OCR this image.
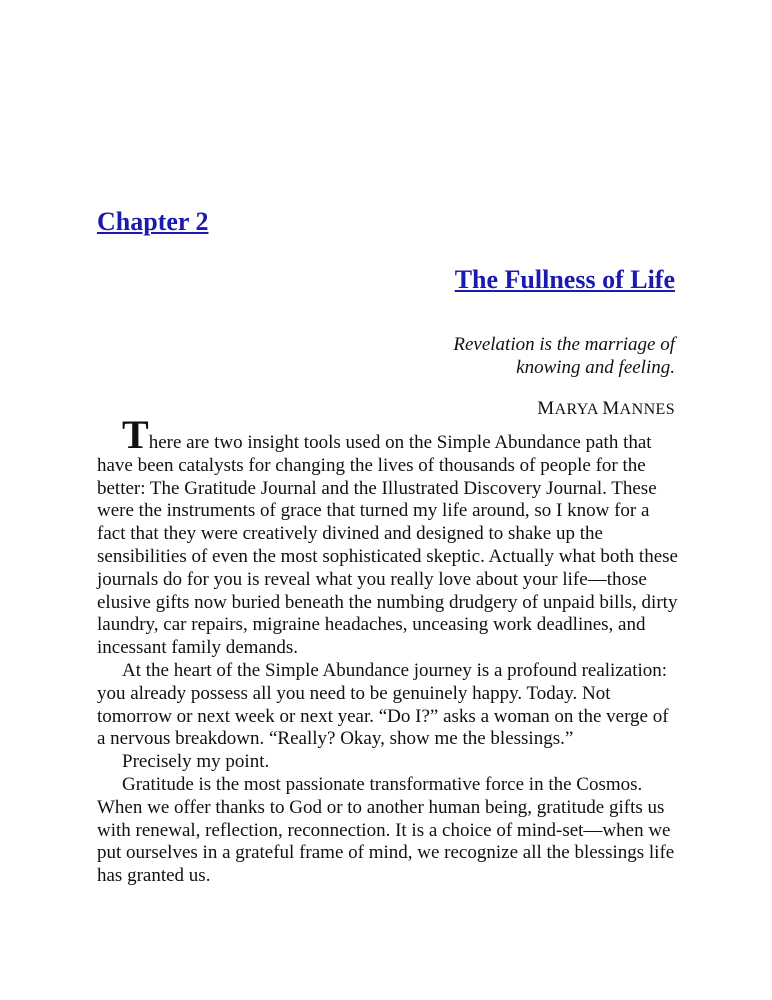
Chapter 2
The Fullness of Life
Revelation is the marriage of
knowing and feeling.
MARYA MANNES

There are two insight tools used on the Simple Abundance path that have been catalysts for changing the lives of thousands of people for the better: The Gratitude Journal and the Illustrated Discovery Journal. These were the instruments of grace that turned my life around, so I know for a fact that they were creatively divined and designed to shake up the sensibilities of even the most sophisticated skeptic. Actually what both these journals do for you is reveal what you really love about your life—those elusive gifts now buried beneath the numbing drudgery of unpaid bills, dirty laundry, car repairs, migraine headaches, unceasing work deadlines, and incessant family demands.

At the heart of the Simple Abundance journey is a profound realization: you already possess all you need to be genuinely happy. Today. Not tomorrow or next week or next year. “Do I?” asks a woman on the verge of a nervous breakdown. “Really? Okay, show me the blessings.”

Precisely my point.

Gratitude is the most passionate transformative force in the Cosmos. When we offer thanks to God or to another human being, gratitude gifts us with renewal, reflection, reconnection. It is a choice of mind-set—when we put ourselves in a grateful frame of mind, we recognize all the blessings life has granted us.
